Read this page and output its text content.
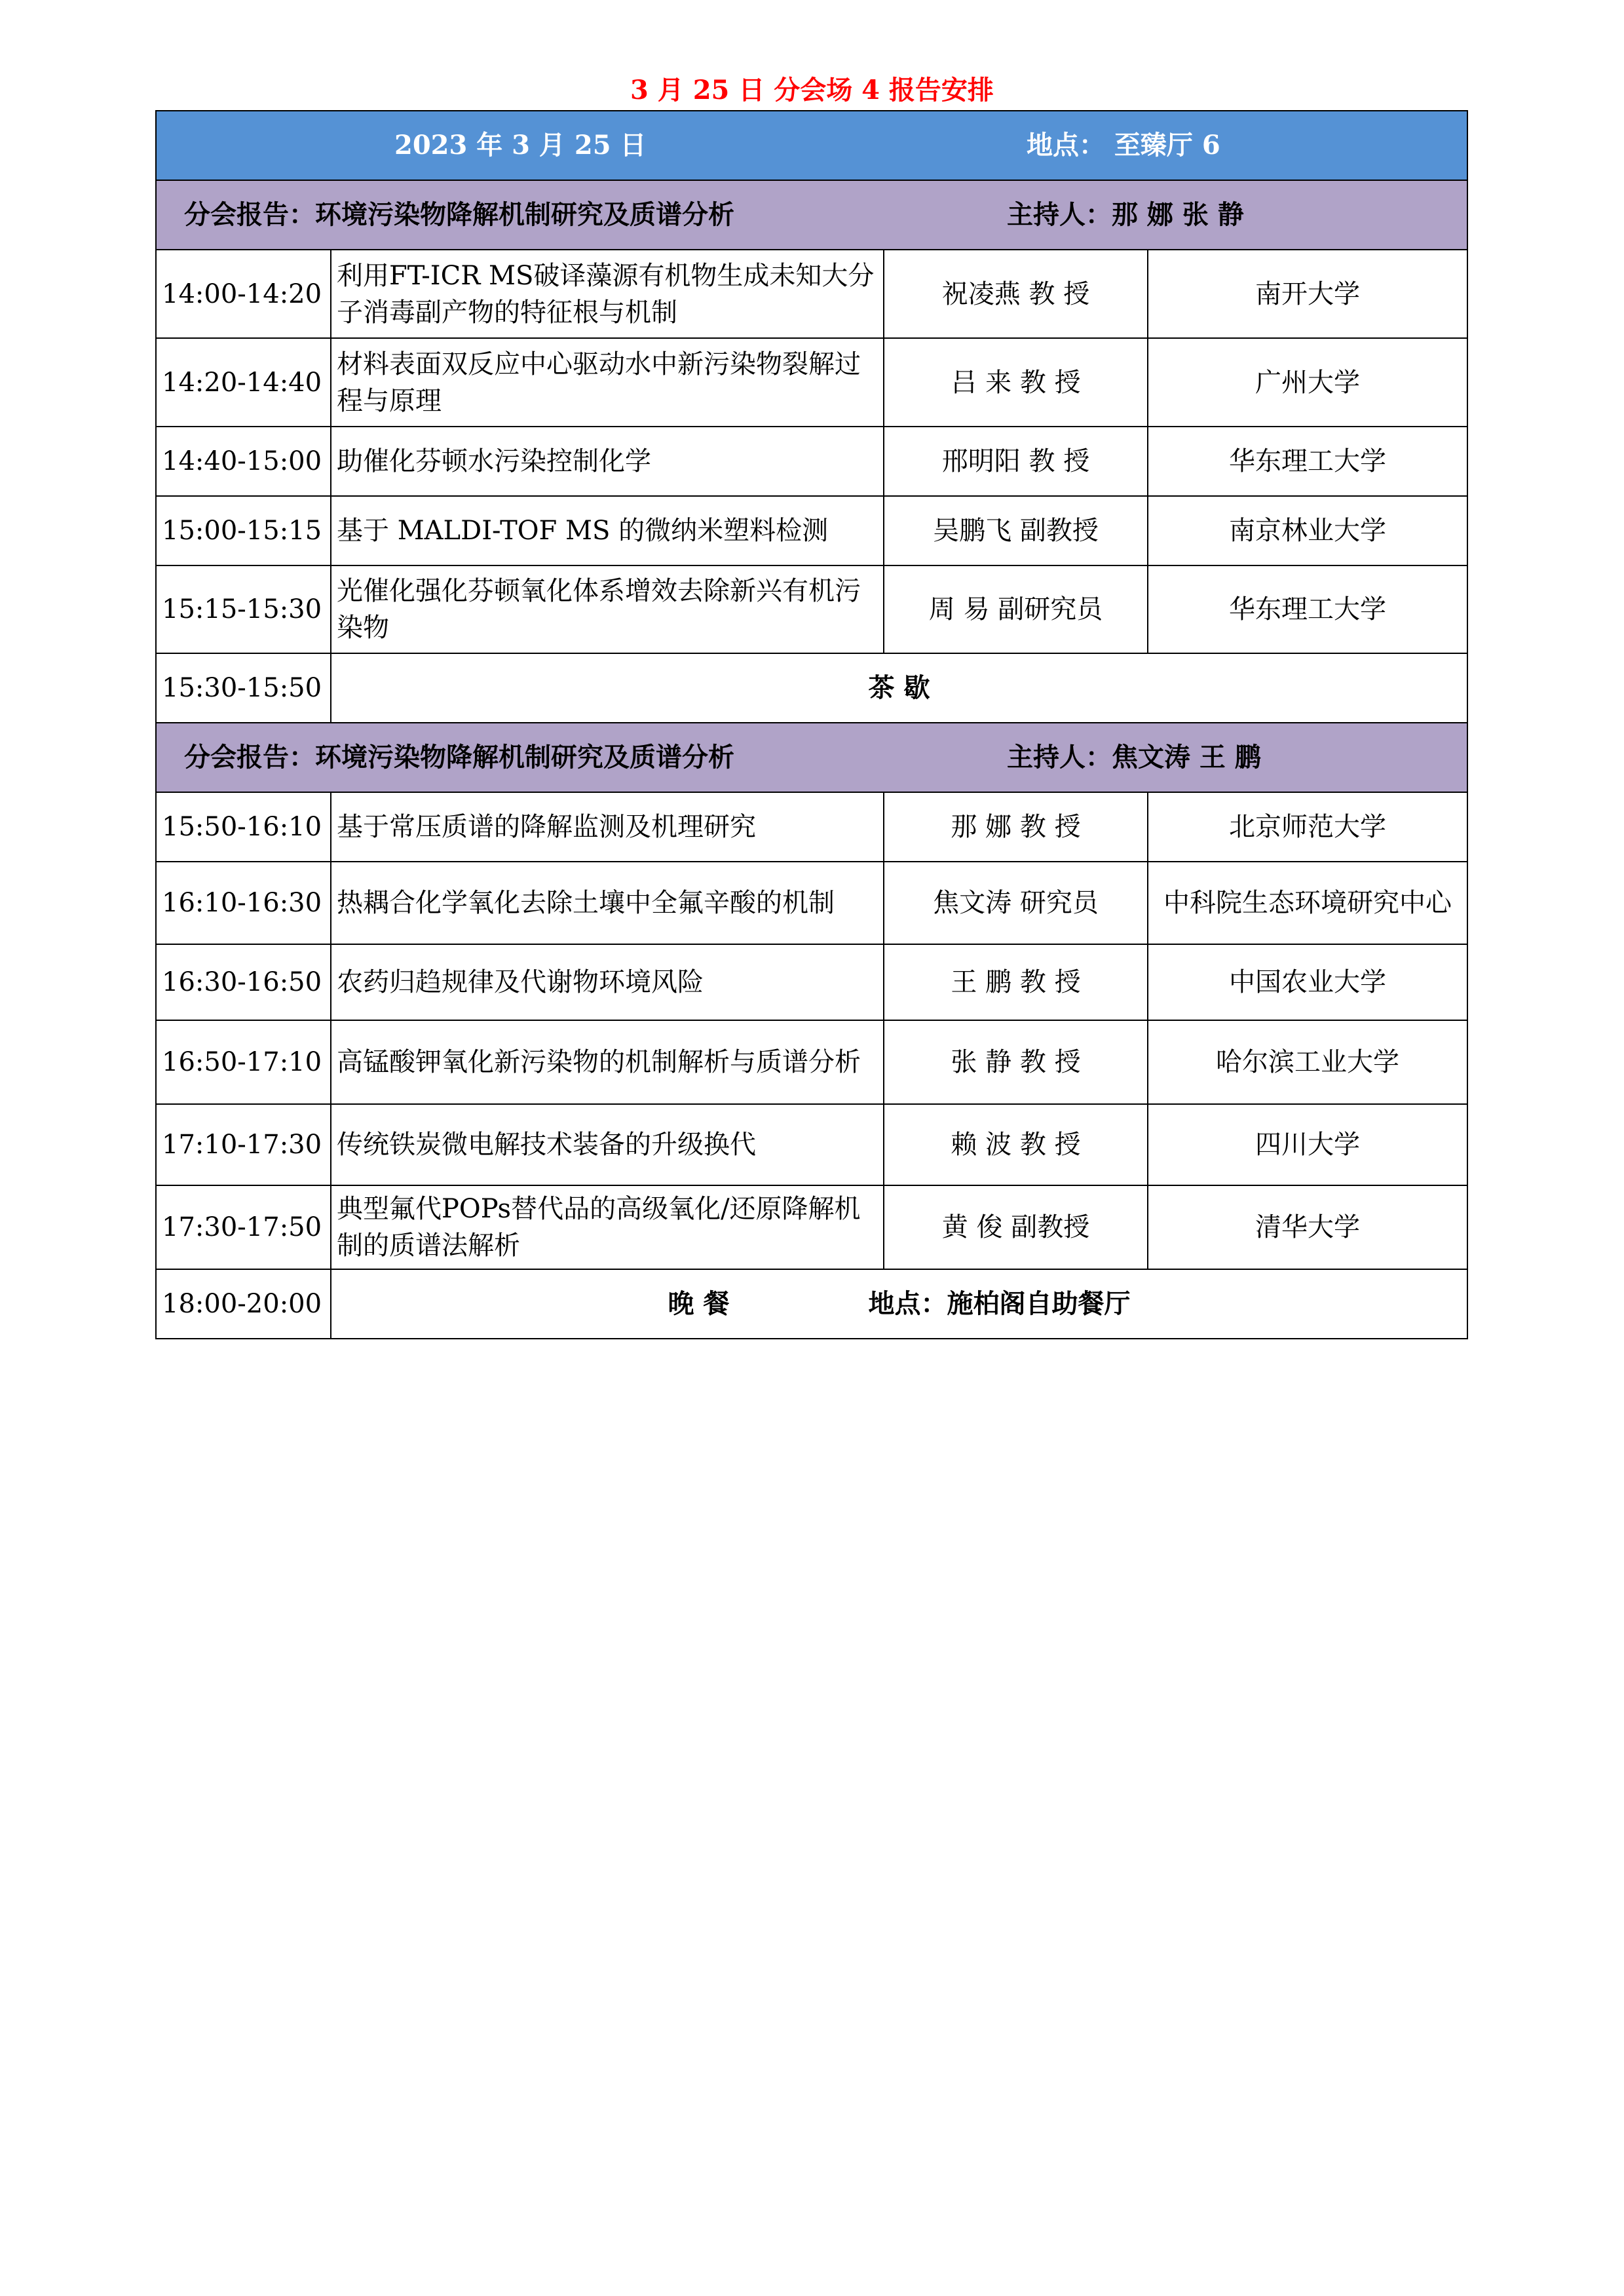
3 月 25 日 分会场 4 报告安排
2023 年 3 月 25 日 地点： 至臻厅 6			

分会报告：环境污染物降解机制研究及质谱分析 主持人：那 娜 张 静			

14:00-14:20	利用FT-ICR MS破译藻源有机物生成未知大分子消毒副产物的特征根与机制	祝凌燕 教 授	南开大学
14:20-14:40	材料表面双反应中心驱动水中新污染物裂解过程与原理	吕 来 教 授	广州大学
14:40-15:00	助催化芬顿水污染控制化学	邢明阳 教 授	华东理工大学
15:00-15:15	基于 MALDI-TOF MS 的微纳米塑料检测	吴鹏飞 副教授	南京林业大学
15:15-15:30	光催化强化芬顿氧化体系增效去除新兴有机污染物	周 易 副研究员	华东理工大学
15:30-15:50	茶 歇		

分会报告：环境污染物降解机制研究及质谱分析 主持人：焦文涛 王 鹏			

15:50-16:10	基于常压质谱的降解监测及机理研究	那 娜 教 授	北京师范大学
16:10-16:30	热耦合化学氧化去除土壤中全氟辛酸的机制	焦文涛 研究员	中科院生态环境研究中心
16:30-16:50	农药归趋规律及代谢物环境风险	王 鹏 教 授	中国农业大学
16:50-17:10	高锰酸钾氧化新污染物的机制解析与质谱分析	张 静 教 授	哈尔滨工业大学
17:10-17:30	传统铁炭微电解技术装备的升级换代	赖 波 教 授	四川大学
17:30-17:50	典型氟代POPs替代品的高级氧化/还原降解机制的质谱法解析	黄 俊 副教授	清华大学
18:00-20:00	晚 餐 地点：施柏阁自助餐厅		
